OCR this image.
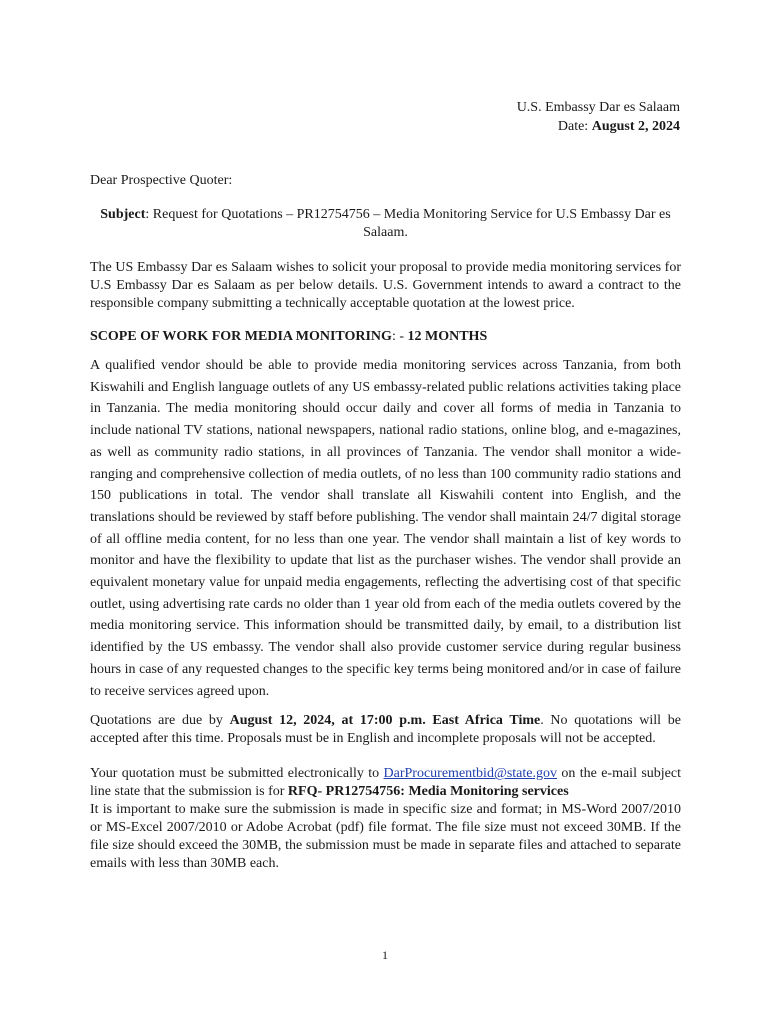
U.S. Embassy Dar es Salaam
Date: August 2, 2024

Dear Prospective Quoter:

Subject: Request for Quotations – PR12754756 – Media Monitoring Service for U.S Embassy Dar es Salaam.

The US Embassy Dar es Salaam wishes to solicit your proposal to provide media monitoring services for U.S Embassy Dar es Salaam as per below details. U.S. Government intends to award a contract to the responsible company submitting a technically acceptable quotation at the lowest price.

SCOPE OF WORK FOR MEDIA MONITORING: - 12 MONTHS

A qualified vendor should be able to provide media monitoring services across Tanzania, from both Kiswahili and English language outlets of any US embassy-related public relations activities taking place in Tanzania. The media monitoring should occur daily and cover all forms of media in Tanzania to include national TV stations, national newspapers, national radio stations, online blog, and e-magazines, as well as community radio stations, in all provinces of Tanzania. The vendor shall monitor a wide-ranging and comprehensive collection of media outlets, of no less than 100 community radio stations and 150 publications in total. The vendor shall translate all Kiswahili content into English, and the translations should be reviewed by staff before publishing. The vendor shall maintain 24/7 digital storage of all offline media content, for no less than one year. The vendor shall maintain a list of key words to monitor and have the flexibility to update that list as the purchaser wishes. The vendor shall provide an equivalent monetary value for unpaid media engagements, reflecting the advertising cost of that specific outlet, using advertising rate cards no older than 1 year old from each of the media outlets covered by the media monitoring service. This information should be transmitted daily, by email, to a distribution list identified by the US embassy. The vendor shall also provide customer service during regular business hours in case of any requested changes to the specific key terms being monitored and/or in case of failure to receive services agreed upon.

Quotations are due by August 12, 2024, at 17:00 p.m. East Africa Time. No quotations will be accepted after this time. Proposals must be in English and incomplete proposals will not be accepted.

Your quotation must be submitted electronically to DarProcurementbid@state.gov on the e-mail subject line state that the submission is for RFQ- PR12754756: Media Monitoring services

It is important to make sure the submission is made in specific size and format; in MS-Word 2007/2010 or MS-Excel 2007/2010 or Adobe Acrobat (pdf) file format. The file size must not exceed 30MB. If the file size should exceed the 30MB, the submission must be made in separate files and attached to separate emails with less than 30MB each.

1
